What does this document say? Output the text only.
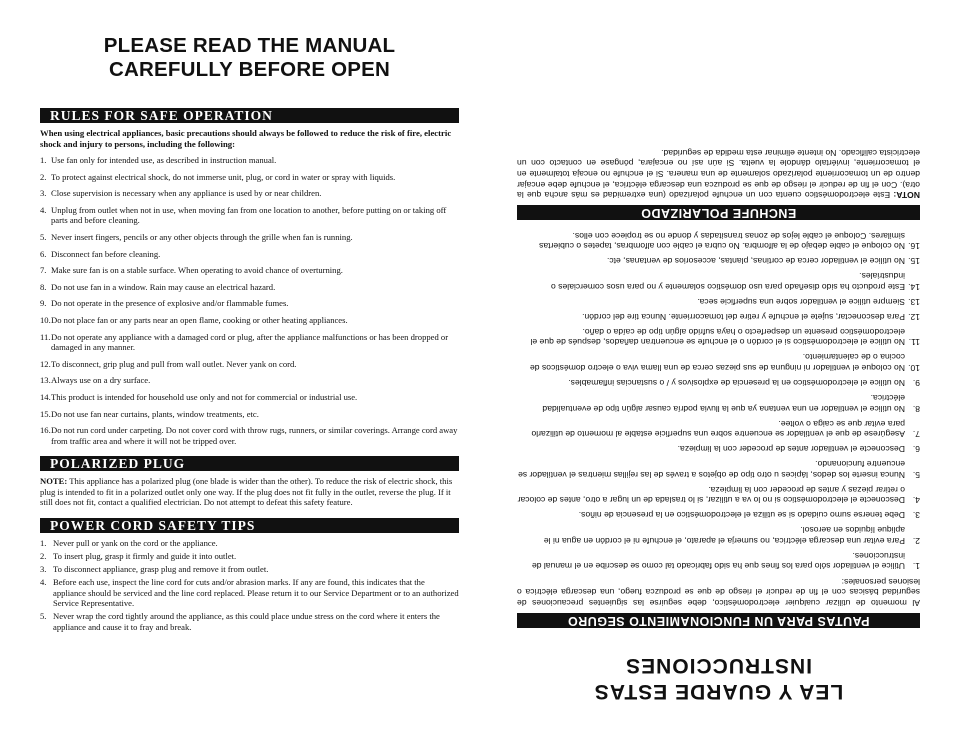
PLEASE READ THE MANUAL CAREFULLY BEFORE OPEN
RULES FOR SAFE OPERATION

When using electrical appliances, basic precautions should always be followed to reduce the risk of fire, electric shock and injury to persons, including the following:

1. Use fan only for intended use, as described in instruction manual.
2. To protect against electrical shock, do not immerse unit, plug, or cord in water or spray with liquids.
3. Close supervision is necessary when any appliance is used by or near children.
4. Unplug from outlet when not in use, when moving fan from one location to another, before putting on or taking off parts and before cleaning.
5. Never insert fingers, pencils or any other objects through the grille when fan is running.
6. Disconnect fan before cleaning.
7. Make sure fan is on a stable surface. When operating to avoid chance of overturning.
8. Do not use fan in a window. Rain may cause an electrical hazard.
9. Do not operate in the presence of explosive and/or flammable fumes.
10. Do not place fan or any parts near an open flame, cooking or other heating appliances.
11. Do not operate any appliance with a damaged cord or plug, after the appliance malfunctions or has been dropped or damaged in any manner.
12. To disconnect, grip plug and pull from wall outlet. Never yank on cord.
13. Always use on a dry surface.
14. This product is intended for household use only and not for commercial or industrial use.
15. Do not use fan near curtains, plants, window treatments, etc.
16. Do not run cord under carpeting. Do not cover cord with throw rugs, runners, or similar coverings. Arrange cord away from traffic area and where it will not be tripped over.
POLARIZED PLUG

NOTE: This appliance has a polarized plug (one blade is wider than the other). To reduce the risk of electric shock, this plug is intended to fit in a polarized outlet only one way. If the plug does not fit fully in the outlet, reverse the plug. If it still does not fit, contact a qualified electrician. Do not attempt to defeat this safety feature.

POWER CORD SAFETY TIPS
1. Never pull or yank on the cord or the appliance.
2. To insert plug, grasp it firmly and guide it into outlet.
3. To disconnect appliance, grasp plug and remove it from outlet.
4. Before each use, inspect the line cord for cuts and/or abrasion marks. If any are found, this indicates that the appliance should be serviced and the line cord replaced. Please return it to our Service Department or to an authorized Service Representative.
5. Never wrap the cord tightly around the appliance, as this could place undue stress on the cord where it enters the appliance and cause it to fray and break.
LEA Y GUARDE ESTAS INSTRUCCIONES
PAUTAS PARA UN FUNCIONAMIENTO SEGURO

Al momento de utilizar cualquier electrodoméstico, debe seguirse las siguientes precauciones de seguridad básicas con el fin de reducir el riesgo de que se produzca fuego, una descarga eléctrica o lesiones personales:

1.
Utilice el ventilador sólo para los fines que ha sido fabricado tal como se describe en el manual de instrucciones.
2.
Para evitar una descarga eléctrica, no sumerja el aparato, el enchufe ni el cordón en agua ni le aplique líquidos en aerosol.
3.
Debe tenerse sumo cuidado si se utiliza el electrodoméstico en la presencia de niños.
4.
Desconecte el electrodoméstico si no lo va a utilizar, si lo traslada de un lugar a otro, antes de colocar o retirar piezas y antes de proceder con la limpieza.
5.
Nunca inserte los dedos, lápices u otro tipo de objetos a través de las rejillas mientras el ventilador se encuentre funcionando.
6.
Desconecte el ventilador antes de proceder con la limpieza.
7.
Asegúrese de que el ventilador se encuentre sobre una superficie estable al momento de utilizarlo para evitar que se caiga o voltee.
8.
No utilice el ventilador en una ventana ya que la lluvia podría causar algún tipo de eventualidad eléctrica.
9.
No utilice el electrodoméstico en la presencia de explosivos y / o sustancias inflamables.
10.
No coloque el ventilador ni ninguna de sus piezas cerca de una llama viva o electro domésticos de cocina o de calentamiento.
11.
No utilice el electrodoméstico si el cordón o el enchufe se encuentran dañados, después de que el electrodoméstico presente un desperfecto o haya sufrido algún tipo de caída o daño.
12.
Para desconectar, sujete el enchufe y retire del tomacorriente. Nunca tire del cordón.
13.
Siempre utilice el ventilador sobre una superficie seca.
14.
Este producto ha sido diseñado para uso doméstico solamente y no para usos comerciales o industriales.
15.
No utilice el ventilador cerca de cortinas, plantas, accesorios de ventanas, etc.
16.
No coloque el cable debajo de la alfombra. No cubra el cable con alfombras, tapetes o cubiertas similares. Coloque el cable lejos de zonas transitadas y donde no se tropiece con ellos.
ENCHUFE POLARIZADO

NOTA: Este electrodoméstico cuenta con un enchufe polarizado (una extremidad es más ancha que la otra). Con el fin de reducir el riesgo de que se produzca una descarga eléctrica, el enchufe debe encajar dentro de un tomacorriente polarizado solamente de una manera. Si el enchufe no encaja totalmente en el tomacorriente, inviértalo dándole la vuelta. Si aún así no encajara, póngase en contacto con un electricista calificado. No intente eliminar esta medida de seguridad.
